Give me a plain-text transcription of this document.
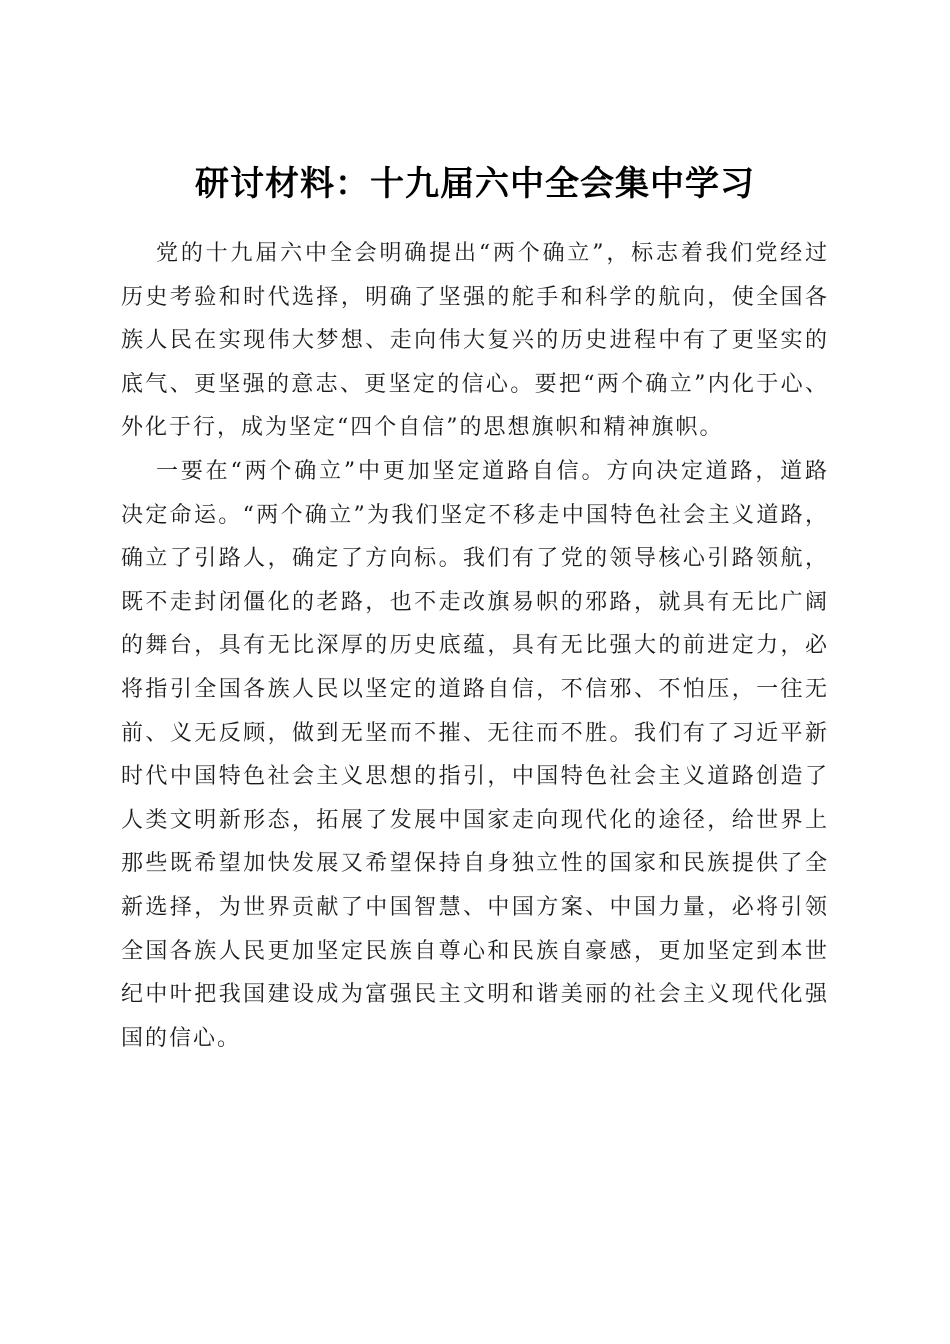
研讨材料：十九届六中全会集中学习

党的十九届六中全会明确提出“两个确立”，标志着我们党经过历史考验和时代选择，明确了坚强的舵手和科学的航向，使全国各族人民在实现伟大梦想、走向伟大复兴的历史进程中有了更坚实的底气、更坚强的意志、更坚定的信心。要把“两个确立”内化于心、外化于行，成为坚定“四个自信”的思想旗帜和精神旗帜。

一要在“两个确立”中更加坚定道路自信。方向决定道路，道路决定命运。“两个确立”为我们坚定不移走中国特色社会主义道路，确立了引路人，确定了方向标。我们有了党的领导核心引路领航，既不走封闭僵化的老路，也不走改旗易帜的邪路，就具有无比广阔的舞台，具有无比深厚的历史底蕴，具有无比强大的前进定力，必将指引全国各族人民以坚定的道路自信，不信邪、不怕压，一往无前、义无反顾，做到无坚而不摧、无往而不胜。我们有了习近平新时代中国特色社会主义思想的指引，中国特色社会主义道路创造了人类文明新形态，拓展了发展中国家走向现代化的途径，给世界上那些既希望加快发展又希望保持自身独立性的国家和民族提供了全新选择，为世界贡献了中国智慧、中国方案、中国力量，必将引领全国各族人民更加坚定民族自尊心和民族自豪感，更加坚定到本世纪中叶把我国建设成为富强民主文明和谐美丽的社会主义现代化强国的信心。
